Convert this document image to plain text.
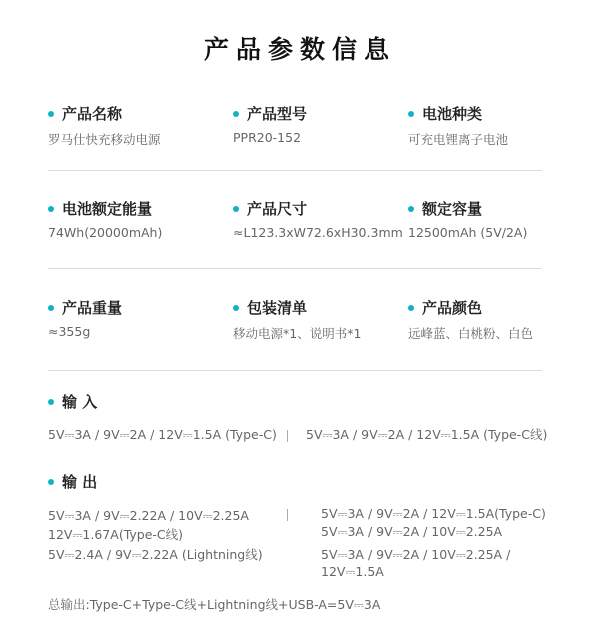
产品参数信息
产品名称
罗马仕快充移动电源
产品型号
PPR20-152
电池种类
可充电锂离子电池
电池额定能量
74Wh(20000mAh)
产品尺寸
≈L123.3xW72.6xH30.3mm
额定容量
12500mAh (5V/2A)
产品重量
≈355g
包装清单
移动电源*1、说明书*1
产品颜色
远峰蓝、白桃粉、白色
输 入
5V⎓3A / 9V⎓2A / 12V⎓1.5A (Type-C) 5V⎓3A / 9V⎓2A / 12V⎓1.5A (Type-C线)
输 出
5V⎓3A / 9V⎓2.22A / 10V⎓2.25A
12V⎓1.67A(Type-C线)
5V⎓2.4A / 9V⎓2.22A (Lightning线)
5V⎓3A / 9V⎓2A / 12V⎓1.5A(Type-C)
5V⎓3A / 9V⎓2A / 10V⎓2.25A
5V⎓3A / 9V⎓2A / 10V⎓2.25A /
12V⎓1.5A
总输出:Type-C+Type-C线+Lightning线+USB-A=5V⎓3A
